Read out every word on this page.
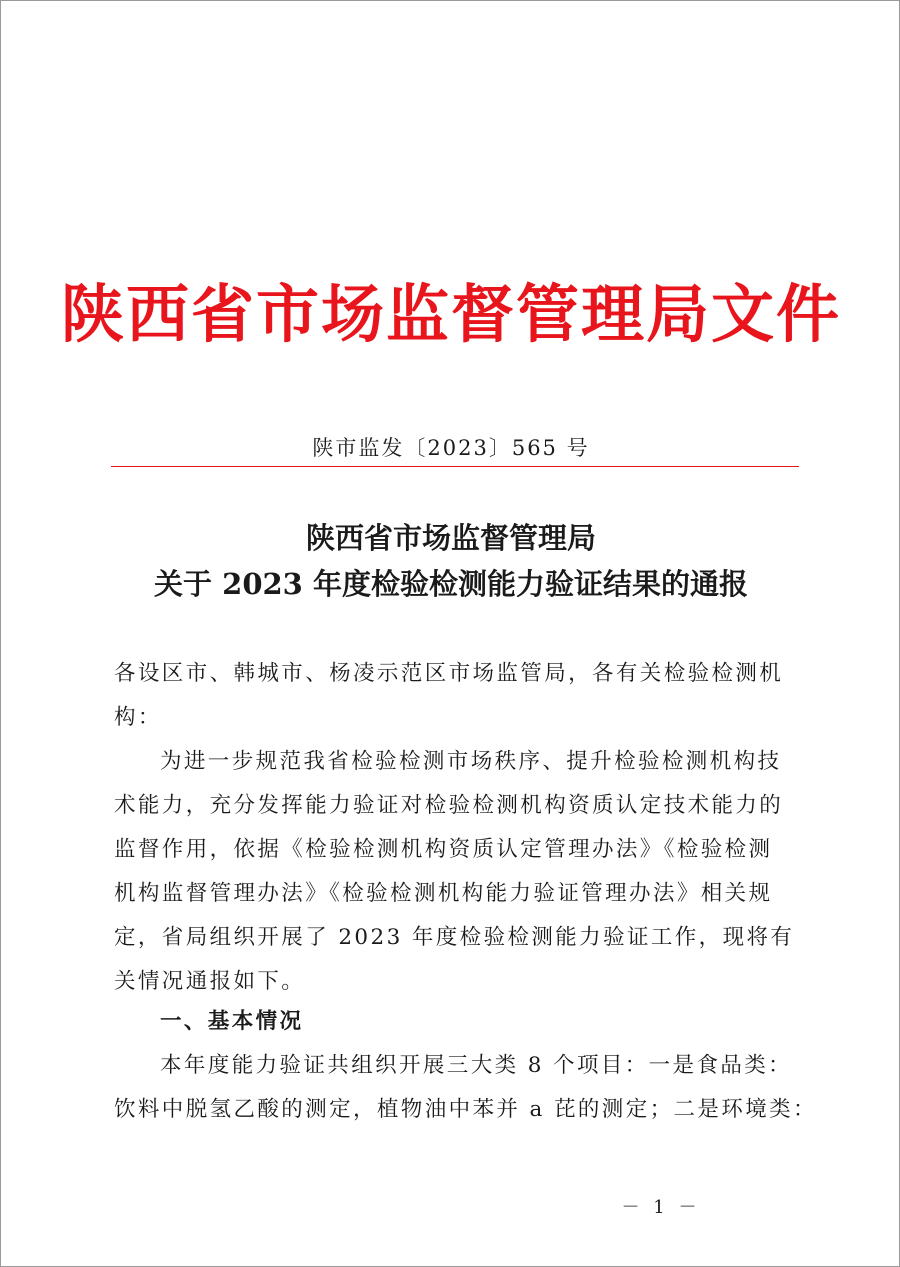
陕西省市场监督管理局文件
陕市监发〔2023〕565 号
陕西省市场监督管理局
关于 2023 年度检验检测能力验证结果的通报
各设区市、韩城市、杨凌示范区市场监管局，各有关检验检测机
构：
为进一步规范我省检验检测市场秩序、提升检验检测机构技
术能力，充分发挥能力验证对检验检测机构资质认定技术能力的
监督作用，依据《检验检测机构资质认定管理办法》《检验检测
机构监督管理办法》《检验检测机构能力验证管理办法》相关规
定，省局组织开展了 2023 年度检验检测能力验证工作，现将有
关情况通报如下。
一、基本情况
本年度能力验证共组织开展三大类 8 个项目：一是食品类：
饮料中脱氢乙酸的测定，植物油中苯并 a 芘的测定；二是环境类：
－ 1 －
